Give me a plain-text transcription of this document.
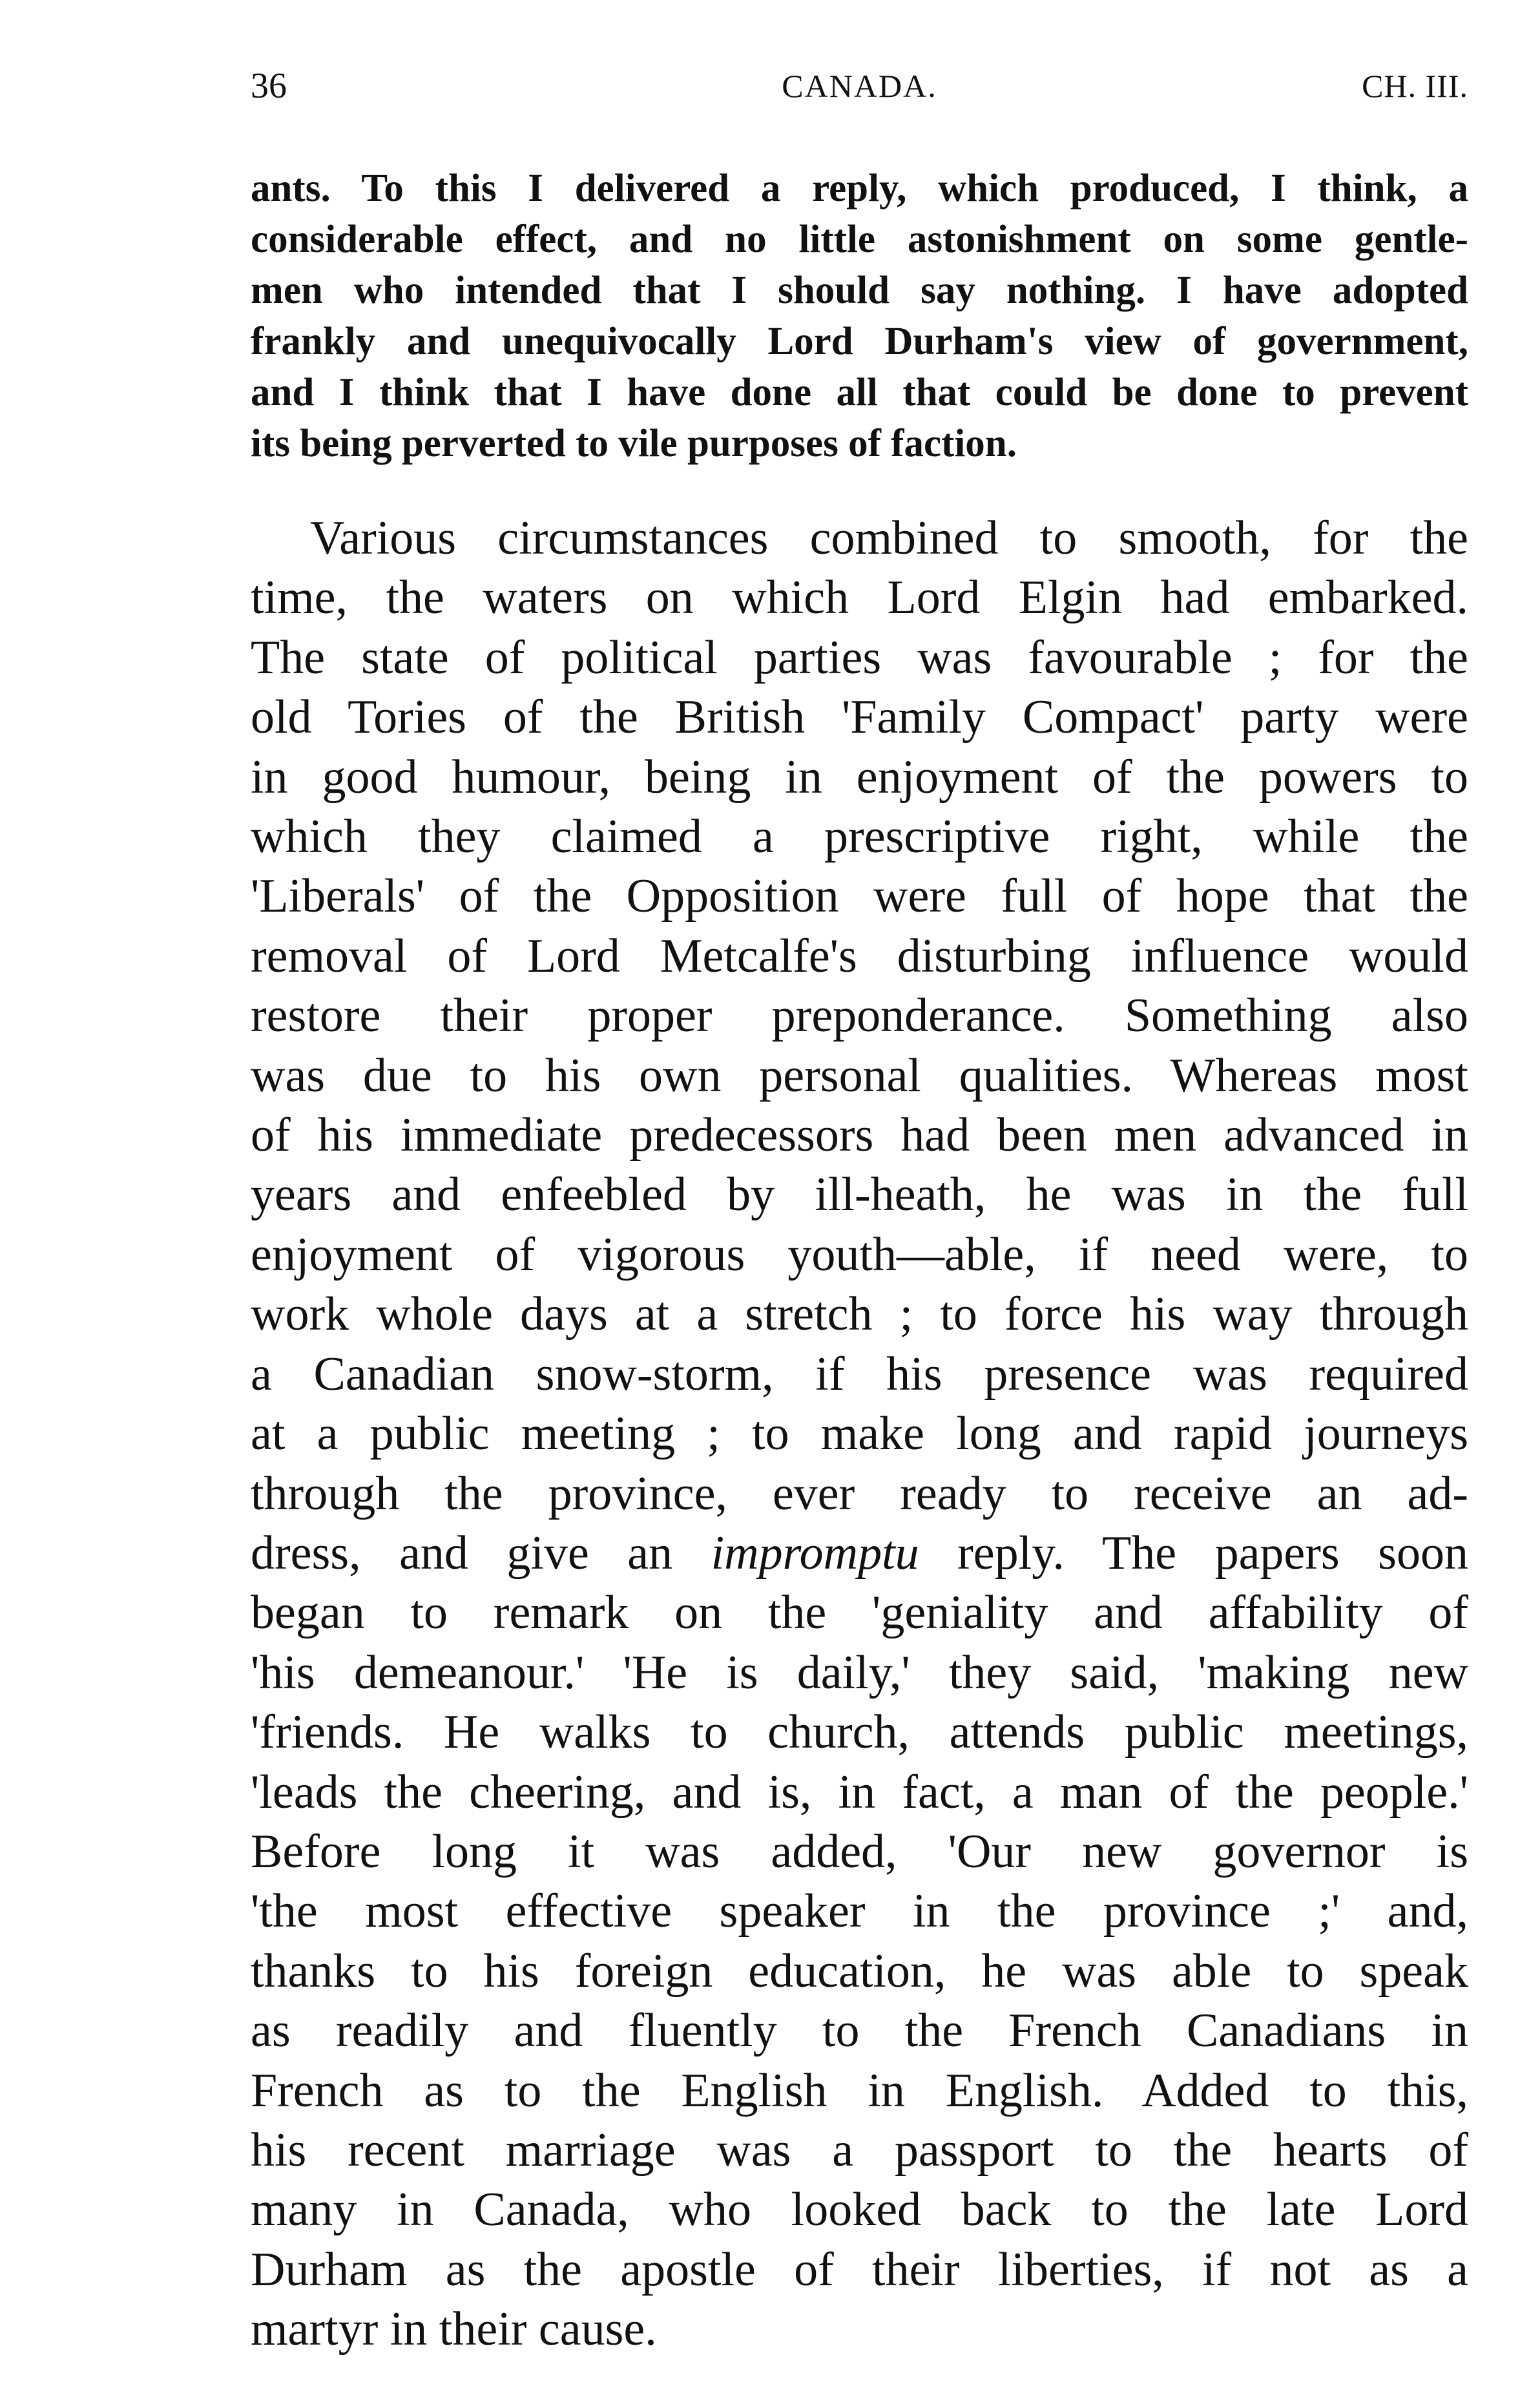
36	CANADA.	CH. III.
ants. To this I delivered a reply, which produced, I think, a
considerable effect, and no little astonishment on some gentle-
men who intended that I should say nothing. I have adopted
frankly and unequivocally Lord Durham's view of government,
and I think that I have done all that could be done to prevent
its being perverted to vile purposes of faction.
Various circumstances combined to smooth, for the
time, the waters on which Lord Elgin had embarked.
The state of political parties was favourable ; for the
old Tories of the British 'Family Compact' party were
in good humour, being in enjoyment of the powers to
which they claimed a prescriptive right, while the
'Liberals' of the Opposition were full of hope that the
removal of Lord Metcalfe's disturbing influence would
restore their proper preponderance. Something also
was due to his own personal qualities. Whereas most
of his immediate predecessors had been men advanced in
years and enfeebled by ill-heath, he was in the full
enjoyment of vigorous youth—able, if need were, to
work whole days at a stretch ; to force his way through
a Canadian snow-storm, if his presence was required
at a public meeting ; to make long and rapid journeys
through the province, ever ready to receive an ad-
dress, and give an impromptu reply. The papers soon
began to remark on the 'geniality and affability of
'his demeanour.' 'He is daily,' they said, 'making new
'friends. He walks to church, attends public meetings,
'leads the cheering, and is, in fact, a man of the people.'
Before long it was added, 'Our new governor is
'the most effective speaker in the province ;' and,
thanks to his foreign education, he was able to speak
as readily and fluently to the French Canadians in
French as to the English in English. Added to this,
his recent marriage was a passport to the hearts of
many in Canada, who looked back to the late Lord
Durham as the apostle of their liberties, if not as a
martyr in their cause.
